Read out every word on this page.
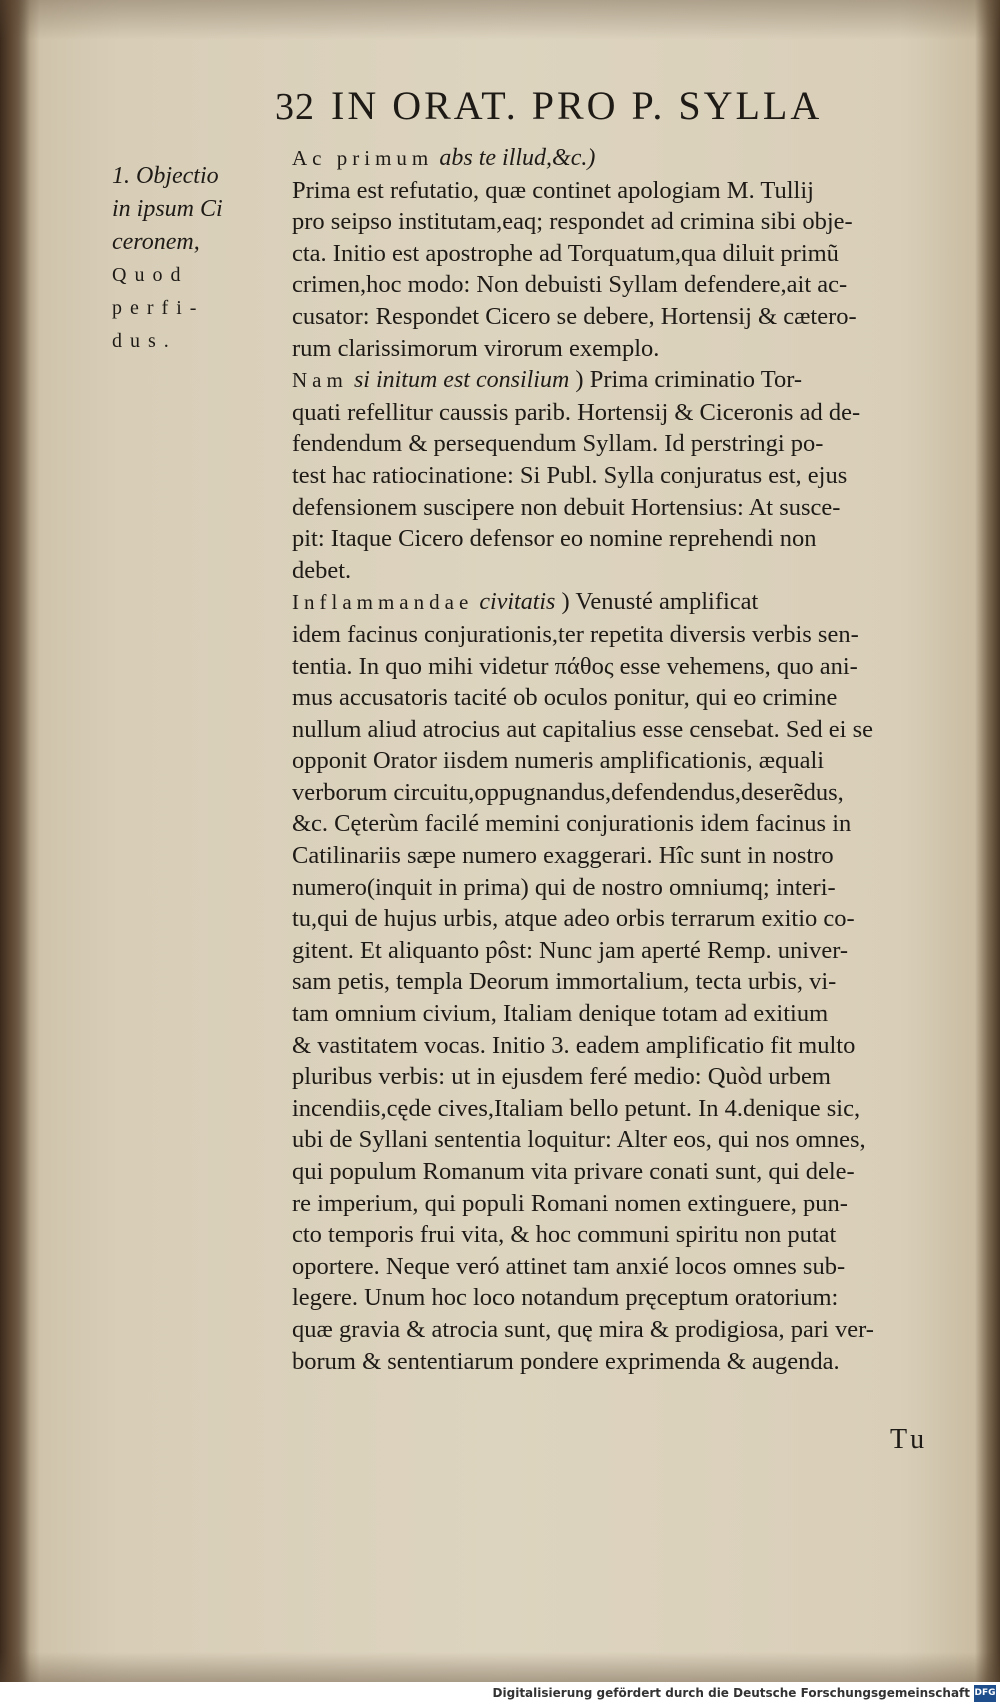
32 IN ORAT. PRO P. SYLLA
1. Objectio
in ipsum Ci
ceronem,
Quod
perfi-
dus.

Ac primum abs te illud,&c.)
Prima est refutatio, quæ continet apologiam M. Tullij
pro seipso institutam,eaq; respondet ad crimina sibi obje-
cta. Initio est apostrophe ad Torquatum,qua diluit primũ
crimen,hoc modo: Non debuisti Syllam defendere,ait ac-
cusator: Respondet Cicero se debere, Hortensij & cætero-
rum clarissimorum virorum exemplo.

Nam si initum est consilium ) Prima criminatio Tor-
quati refellitur caussis parib. Hortensij & Ciceronis ad de-
fendendum & persequendum Syllam. Id perstringi po-
test hac ratiocinatione: Si Publ. Sylla conjuratus est, ejus
defensionem suscipere non debuit Hortensius: At susce-
pit: Itaque Cicero defensor eo nomine reprehendi non
debet.

Inflammandae civitatis ) Venusté amplificat
idem facinus conjurationis,ter repetita diversis verbis sen-
tentia. In quo mihi videtur πάθος esse vehemens, quo ani-
mus accusatoris tacité ob oculos ponitur, qui eo crimine
nullum aliud atrocius aut capitalius esse censebat. Sed ei se
opponit Orator iisdem numeris amplificationis, æquali
verborum circuitu,oppugnandus,defendendus,deserẽdus,
&c. Cęterùm facilé memini conjurationis idem facinus in
Catilinariis sæpe numero exaggerari. Hîc sunt in nostro
numero(inquit in prima) qui de nostro omniumq; interi-
tu,qui de hujus urbis, atque adeo orbis terrarum exitio co-
gitent. Et aliquanto pôst: Nunc jam aperté Remp. univer-
sam petis, templa Deorum immortalium, tecta urbis, vi-
tam omnium civium, Italiam denique totam ad exitium
& vastitatem vocas. Initio 3. eadem amplificatio fit multo
pluribus verbis: ut in ejusdem feré medio: Quòd urbem
incendiis,cęde cives,Italiam bello petunt. In 4.denique sic,
ubi de Syllani sententia loquitur: Alter eos, qui nos omnes,
qui populum Romanum vita privare conati sunt, qui dele-
re imperium, qui populi Romani nomen extinguere, pun-
cto temporis frui vita, & hoc communi spiritu non putat
oportere. Neque veró attinet tam anxié locos omnes sub-
legere. Unum hoc loco notandum pręceptum oratorium:
quæ gravia & atrocia sunt, quę mira & prodigiosa, pari ver-
borum & sententiarum pondere exprimenda & augenda.

Tu
Digitalisierung gefördert durch die Deutsche Forschungsgemeinschaft DFG
